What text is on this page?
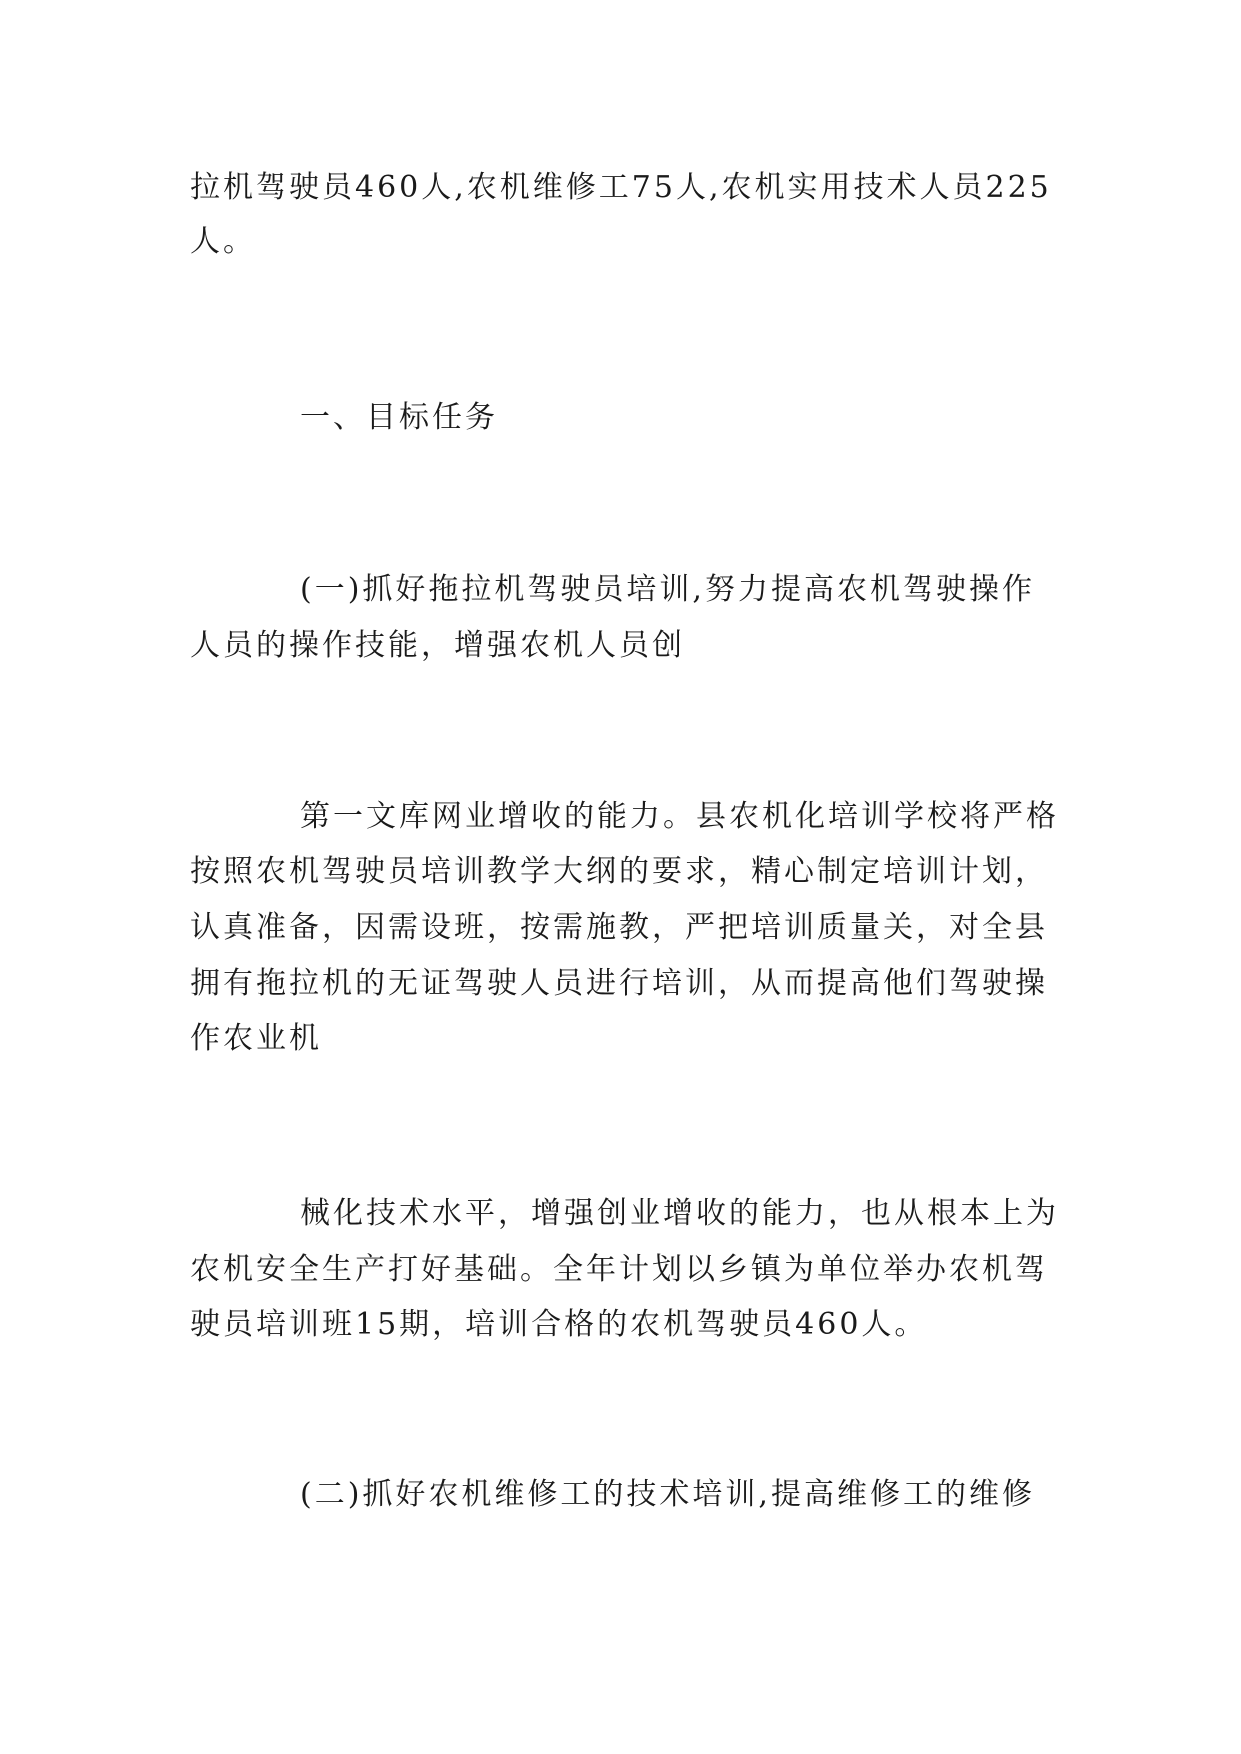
拉机驾驶员460人,农机维修工75人,农机实用技术人员225
人。
一、目标任务
(一)抓好拖拉机驾驶员培训,努力提高农机驾驶操作
人员的操作技能，增强农机人员创
第一文库网业增收的能力。县农机化培训学校将严格
按照农机驾驶员培训教学大纲的要求，精心制定培训计划，
认真准备，因需设班，按需施教，严把培训质量关，对全县
拥有拖拉机的无证驾驶人员进行培训，从而提高他们驾驶操
作农业机
械化技术水平，增强创业增收的能力，也从根本上为
农机安全生产打好基础。全年计划以乡镇为单位举办农机驾
驶员培训班15期，培训合格的农机驾驶员460人。
(二)抓好农机维修工的技术培训,提高维修工的维修
